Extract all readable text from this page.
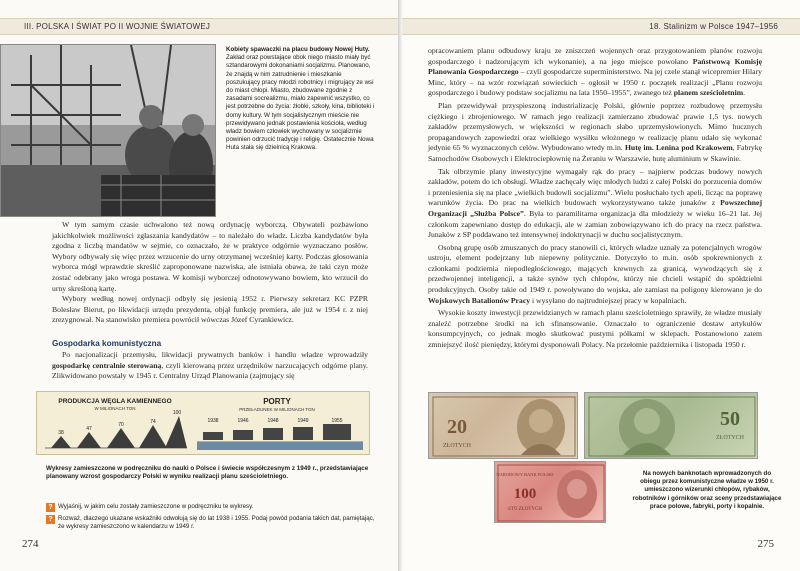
III. POLSKA I ŚWIAT PO II WOJNIE ŚWIATOWEJ
Kobiety spawaczki na placu budowy Nowej Huty.
Zakład oraz powstające obok niego miasto miały być sztandarowymi dokonaniami socjalizmu. Planowano, że znajdą w nim zatrudnienie i mieszkanie poszukujący pracy młodzi robotnicy i migrujący ze wsi do miast chłopi. Miasto, zbudowane zgodnie z zasadami socrealizmu, miało zapewnić wszystko, co jest potrzebne do życia: żłobki, szkoły, kina, biblioteki i domy kultury. W tym socjalistycznym mieście nie przewidywano jednak postawienia kościoła, według władz bowiem człowiek wychowany w socjalizmie powinien odrzucić tradycję i religię. Ostatecznie Nowa Huta stała się dzielnicą Krakowa.

W tym samym czasie uchwalono też nową ordynację wyborczą. Obywateli pozbawiono jakichkolwiek możliwości zgłaszania kandydatów – to należało do władz. Liczba kandydatów była zgodna z liczbą mandatów w sejmie, co oznaczało, że w praktyce odgórnie wyznaczano posłów. Wybory odbywały się więc przez wrzucenie do urny otrzymanej wcześniej karty. Podczas głosowania wyborca mógł wprawdzie skreślić zaproponowane nazwiska, ale istniała obawa, że taki czyn może zostać odebrany jako wroga postawa. W komisji wyborczej odnotowywano bowiem, kto wrzucił do urny skreśloną kartę.

Wybory według nowej ordynacji odbyły się jesienią 1952 r. Pierwszy sekretarz KC PZPR Bolesław Bierut, po likwidacji urzędu prezydenta, objął funkcję premiera, ale już w 1954 r. z niej zrezygnował. Na stanowisko premiera powrócił wówczas Józef Cyrankiewicz.

Gospodarka komunistyczna

Po nacjonalizacji przemysłu, likwidacji prywatnych banków i handlu władze wprowadziły gospodarkę centralnie sterowaną, czyli kierowaną przez urzędników narzucających odgórne plany. Zlikwidowano powstały w 1945 r. Centralny Urząd Planowania (zajmujący się

PRODUKCJA WĘGLA KAMIENNEGO
W MILIONACH TON
38
47
70	74
100
PORTY
PRZEŁADUNEK W MILIONACH TON
1938	1946	1948	1949	1955
Wykresy zamieszczone w podręczniku do nauki o Polsce i świecie współczesnym z 1949 r., przedstawiające planowany wzrost gospodarczy Polski w wyniku realizacji planu sześcioletniego.
? Wyjaśnij, w jakim celu zostały zamieszczone w podręczniku te wykresy.
? Rozważ, dlaczego ukazane wskaźniki odwołują się do lat 1938 i 1955. Podaj powód podania takich dat, pamiętając, że wykresy zamieszczono w kalendarzu w 1949 r.
274
18. Stalinizm w Polsce 1947–1956

opracowaniem planu odbudowy kraju ze zniszczeń wojennych oraz przygotowaniem planów rozwoju gospodarczego i nadzorującym ich wykonanie), a na jego miejsce powołano Państwową Komisję Planowania Gospodarczego – czyli gospodarcze superministerstwo. Na jej czele stanął wicepremier Hilary Minc, który – na wzór rozwiązań sowieckich – ogłosił w 1950 r. początek realizacji „Planu rozwoju gospodarczego i budowy podstaw socjalizmu na lata 1950–1955”, zwanego też planem sześcioletnim.

Plan przewidywał przyspieszoną industrializację Polski, głównie poprzez rozbudowę przemysłu ciężkiego i zbrojeniowego. W ramach jego realizacji zamierzano zbudować prawie 1,5 tys. nowych zakładów przemysłowych, w większości w regionach słabo uprzemysłowionych. Mimo hucznych propagandowych zapowiedzi oraz wielkiego wysiłku włożonego w realizację planu udało się wykonać jedynie 65 % wyznaczonych celów. Wybudowano wtedy m.in. Hutę im. Lenina pod Krakowem, Fabrykę Samochodów Osobowych i Elektrociepłownię na Żeraniu w Warszawie, hutę aluminium w Skawinie.

Tak olbrzymie plany inwestycyjne wymagały rąk do pracy – najpierw podczas budowy nowych zakładów, potem do ich obsługi. Władze zachęcały więc młodych ludzi z całej Polski do porzucenia domów i przeniesienia się na place „wielkich budowli socjalizmu”. Wielu posłuchało tych apeli, licząc na poprawę warunków życia. Do prac na wielkich budowach wykorzystywano także junaków z Powszechnej Organizacji „Służba Polsce”. Była to paramilitarna organizacja dla młodzieży w wieku 16–21 lat. Jej członkom zapewniano dostęp do edukacji, ale w zamian zobowiązywano ich do pracy na rzecz państwa. Junaków z SP poddawano też intensywnej indoktrynacji w duchu socjalistycznym.

Osobną grupę osób zmuszanych do pracy stanowili ci, których władze uznały za potencjalnych wrogów ustroju, element podejrzany lub niepewny politycznie. Dotyczyło to m.in. osób spokrewnionych z członkami podziemia niepodległościowego, mających krewnych za granicą, wywodzących się z przedwojennej inteligencji, a także synów tych chłopów, którzy nie chcieli wstąpić do spółdzielni produkcyjnych. Osoby takie od 1949 r. powoływano do wojska, ale zamiast na poligony kierowano je do Wojskowych Batalionów Pracy i wysyłano do najtrudniejszej pracy w kopalniach.

Wysokie koszty inwestycji przewidzianych w ramach planu sześcioletniego sprawiły, że władze musiały znaleźć potrzebne środki na ich sfinansowanie. Oznaczało to ograniczenie dostaw artykułów konsumpcyjnych, co jednak mogło skutkować pustymi półkami w sklepach. Postanowiono zatem zmniejszyć ilość pieniędzy, którymi dysponowali Polacy. Na przełomie października i listopada 1950 r.

20
ZŁOTYCH
50
ZŁOTYCH
NARODOWY BANK POLSKI
100
STO ZŁOTYCH
Na nowych banknotach wprowadzonych do obiegu przez komunistyczne władze w 1950 r. umieszczono wizerunki chłopów, rybaków, robotników i górników oraz sceny przedstawiające prace polowe, fabryki, porty i kopalnie.
275
